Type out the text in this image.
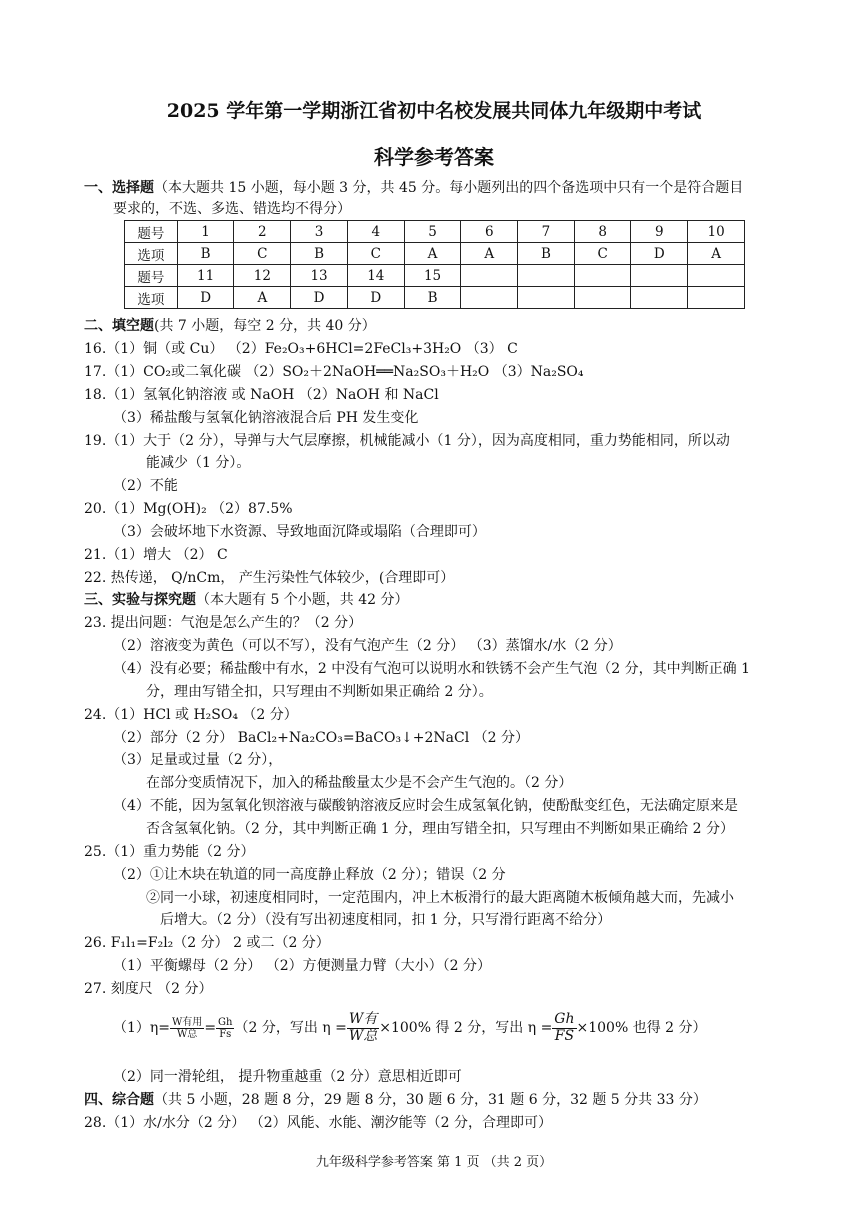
2025 学年第一学期浙江省初中名校发展共同体九年级期中考试
科学参考答案
一、选择题（本大题共 15 小题，每小题 3 分，共 45 分。每小题列出的四个备选项中只有一个是符合题目
要求的，不选、多选、错选均不得分）
题号	1	2	3	4	5	6	7	8	9	10
选项	B	C	B	C	A	A	B	C	D	A
题号	11	12	13	14	15					
选项	D	A	D	D	B					
二、填空题(共 7 小题，每空 2 分，共 40 分）
16.（1）铜（或 Cu） （2）Fe₂O₃+6HCl=2FeCl₃+3H₂O （3） C
17.（1）CO₂或二氧化碳 （2）SO₂＋2NaOH══Na₂SO₃＋H₂O （3）Na₂SO₄
18.（1）氢氧化钠溶液 或 NaOH （2）NaOH 和 NaCl
（3）稀盐酸与氢氧化钠溶液混合后 PH 发生变化
19.（1）大于（2 分），导弹与大气层摩擦，机械能减小（1 分），因为高度相同，重力势能相同，所以动
能减少（1 分）。
（2）不能
20.（1）Mg(OH)₂ （2）87.5%
（3）会破坏地下水资源、导致地面沉降或塌陷（合理即可）
21.（1）增大 （2） C
22. 热传递， Q/nCm， 产生污染性气体较少，(合理即可）
三、实验与探究题（本大题有 5 个小题，共 42 分）
23. 提出问题：气泡是怎么产生的？（2 分）
（2）溶液变为黄色（可以不写），没有气泡产生（2 分） （3）蒸馏水/水（2 分）
（4）没有必要；稀盐酸中有水，2 中没有气泡可以说明水和铁锈不会产生气泡（2 分，其中判断正确 1
分，理由写错全扣，只写理由不判断如果正确给 2 分）。
24.（1）HCl 或 H₂SO₄ （2 分）
（2）部分（2 分） BaCl₂+Na₂CO₃=BaCO₃↓+2NaCl （2 分）
（3）足量或过量（2 分），
在部分变质情况下，加入的稀盐酸量太少是不会产生气泡的。（2 分）
（4）不能，因为氢氧化钡溶液与碳酸钠溶液反应时会生成氢氧化钠，使酚酞变红色，无法确定原来是
否含氢氧化钠。（2 分，其中判断正确 1 分，理由写错全扣，只写理由不判断如果正确给 2 分）
25.（1）重力势能（2 分）
（2）①让木块在轨道的同一高度静止释放（2 分）；错误（2 分
②同一小球，初速度相同时，一定范围内，冲上木板滑行的最大距离随木板倾角越大而，先减小
后增大。（2 分）（没有写出初速度相同，扣 1 分，只写滑行距离不给分）
26. F₁l₁=F₂l₂（2 分） 2 或二（2 分）
（1）平衡螺母（2 分） （2）方便测量力臂（大小）（2 分）
27. 刻度尺 （2 分）
$(1)\eta= \frac{\text{W有用}}{\text{W总}} = \frac{Gh}{Fs} (2$ 分，写出 $\eta = \frac{\text{W有}}{\text{W总}} \times 100\%$ 得 2 分，写出 $\eta = \frac{Gh}{FS} \times 100\%$ 也得 2 分）
（2）同一滑轮组， 提升物重越重（2 分）意思相近即可
四、综合题（共 5 小题，28 题 8 分，29 题 8 分，30 题 6 分，31 题 6 分，32 题 5 分共 33 分）
28.（1）水/水分（2 分） （2）风能、水能、潮汐能等（2 分，合理即可）
九年级科学参考答案 第 1 页 （共 2 页）
